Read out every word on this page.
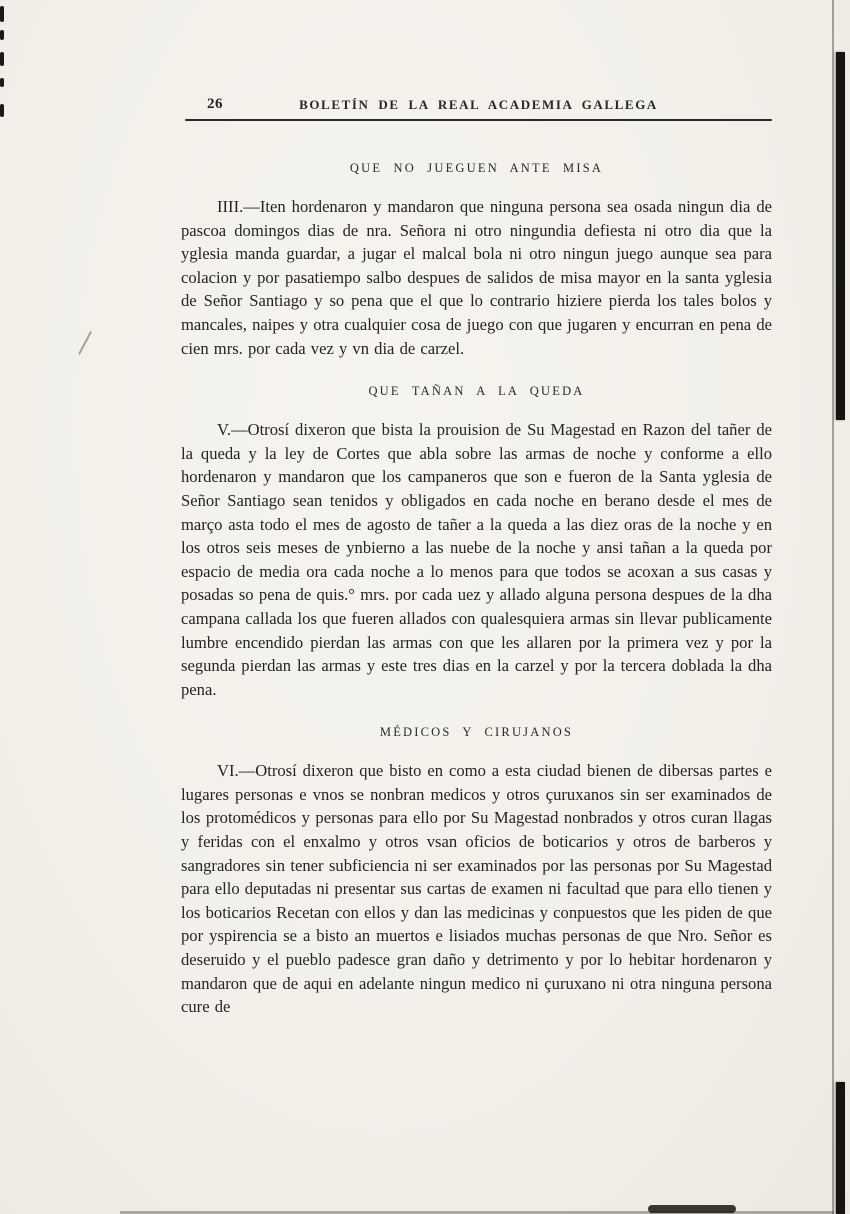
26	BOLETÍN DE LA REAL ACADEMIA GALLEGA
QUE NO JUEGUEN ANTE MISA

IIII.—Iten hordenaron y mandaron que ninguna persona sea osada ningun dia de pascoa domingos dias de nra. Señora ni otro ningundia defiesta ni otro dia que la yglesia manda guardar, a jugar el malcal bola ni otro ningun juego aunque sea para colacion y por pasatiempo salbo despues de salidos de misa mayor en la santa yglesia de Señor Santiago y so pena que el que lo contrario hiziere pierda los tales bolos y mancales, naipes y otra cualquier cosa de juego con que jugaren y encurran en pena de cien mrs. por cada vez y vn dia de carzel.

QUE TAÑAN A LA QUEDA

V.—Otrosí dixeron que bista la prouision de Su Magestad en Razon del tañer de la queda y la ley de Cortes que abla sobre las armas de noche y conforme a ello hordenaron y mandaron que los campaneros que son e fueron de la Santa yglesia de Señor Santiago sean tenidos y obligados en cada noche en berano desde el mes de março asta todo el mes de agosto de tañer a la queda a las diez oras de la noche y en los otros seis meses de ynbierno a las nuebe de la noche y ansi tañan a la queda por espacio de media ora cada noche a lo menos para que todos se acoxan a sus casas y posadas so pena de quis.° mrs. por cada uez y allado alguna persona despues de la dha campana callada los que fueren allados con qualesquiera armas sin llevar publicamente lumbre encendido pierdan las armas con que les allaren por la primera vez y por la segunda pierdan las armas y este tres dias en la carzel y por la tercera doblada la dha pena.

MÉDICOS Y CIRUJANOS

VI.—Otrosí dixeron que bisto en como a esta ciudad bienen de dibersas partes e lugares personas e vnos se nonbran medicos y otros çuruxanos sin ser examinados de los protomédicos y personas para ello por Su Magestad nonbrados y otros curan llagas y feridas con el enxalmo y otros vsan oficios de boticarios y otros de barberos y sangradores sin tener subficiencia ni ser examinados por las personas por Su Magestad para ello deputadas ni presentar sus cartas de examen ni facultad que para ello tienen y los boticarios Recetan con ellos y dan las medicinas y conpuestos que les piden de que por yspirencia se a bisto an muertos e lisiados muchas personas de que Nro. Señor es deseruido y el pueblo padesce gran daño y detrimento y por lo hebitar hordenaron y mandaron que de aqui en adelante ningun medico ni çuruxano ni otra ninguna persona cure de
